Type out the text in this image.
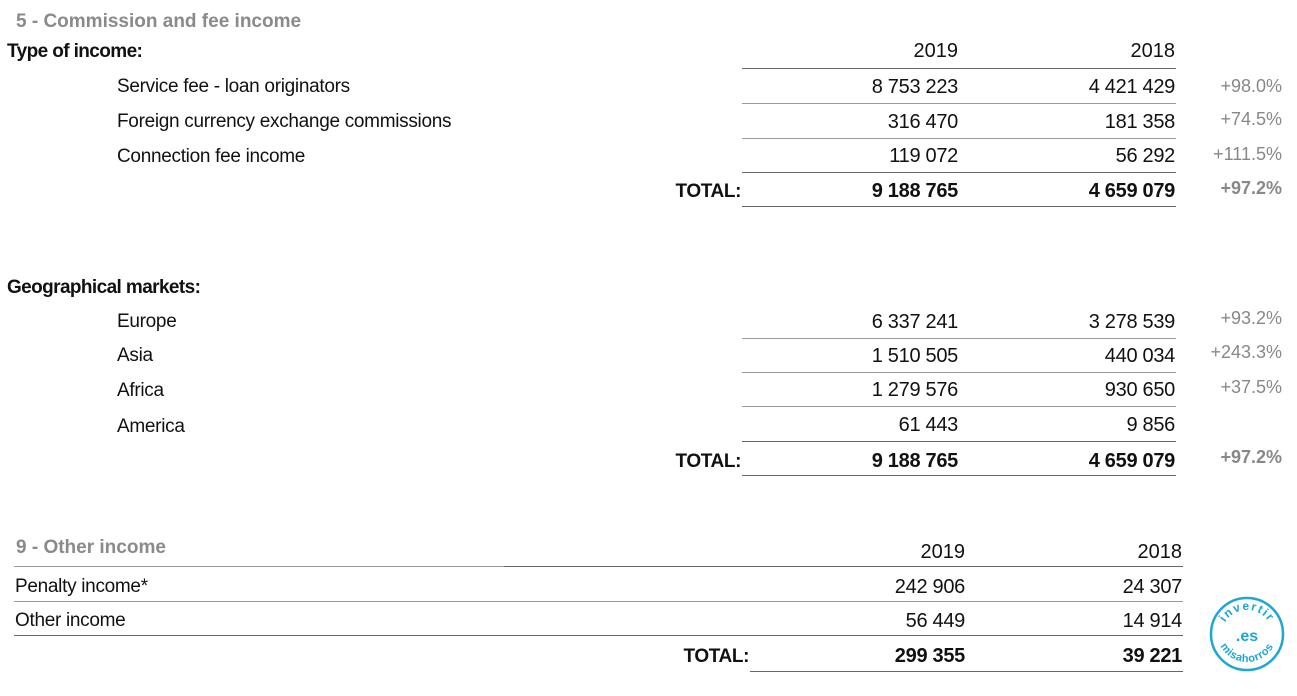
5 - Commission and fee income
Type of income:	2019	2018
Service fee - loan originators	8 753 223	4 421 429	+98.0%
Foreign currency exchange commissions	316 470	181 358	+74.5%
Connection fee income	119 072	56 292	+111.5%
TOTAL:	9 188 765	4 659 079	+97.2%
Geographical markets:
Europe	6 337 241	3 278 539	+93.2%
Asia	1 510 505	440 034	+243.3%
Africa	1 279 576	930 650	+37.5%
America	61 443	9 856
TOTAL:	9 188 765	4 659 079	+97.2%
9 - Other income	2019	2018
Penalty income*	242 906	24 307
Other income	56 449	14 914
TOTAL:	299 355	39 221
invertir
.es
misahorros
